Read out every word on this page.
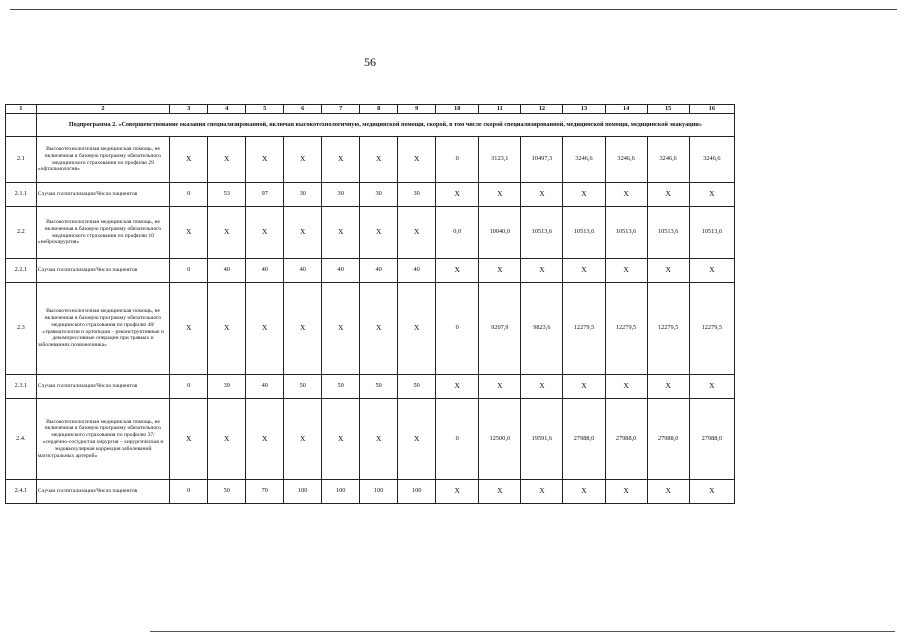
56
1	2	3	4	5	6	7	8	9	10	11	12	13	14	15	16
	Подпрограмма 2. «Совершенствование оказания специализированной, включая высокотехнологичную, медицинской помощи, скорой, в том числе скорой специализированной, медицинской помощи, медицинской эвакуации»														
2.1	Высокотехнологичная медицинская помощь, не включенная в базовую программу обязательного медицинского страхования по профилю 29 «офтальмология»	X	X	X	X	X	X	X	0	3123,1	10497,3	3246,6	3246,6	3246,6	3246,6
2.1.1	Случаи госпитализации/Число пациентов	0	53	97	30	30	30	30	X	X	X	X	X	X	X
2.2	Высокотехнологичная медицинская помощь, не включенная в базовую программу обязательного медицинского страхования по профилю 10 «нейрохирургия»	X	X	X	X	X	X	X	0,0	10040,0	10513,6	10513,6	10513,6	10513,6	10513,6
2.2.1	Случаи госпитализации/Число пациентов	0	40	40	40	40	40	40	X	X	X	X	X	X	X
2.3	Высокотехнологичная медицинская помощь, не включенная в базовую программу обязательного медицинского страхования по профилю 48/ «травматология и ортопедия – реконструктивные и декомпрессивные операции при травмах и заболеваниях позвоночника»	X	X	X	X	X	X	X	0	9207,9	9823,6	12279,5	12279,5	12279,5	12279,5
2.3.1	Случаи госпитализации/Число пациентов	0	39	40	50	50	50	50	X	X	X	X	X	X	X
2.4.	Высокотехнологичная медицинская помощь, не включенная в базовую программу обязательного медицинского страхования по профилю 37/ «сердечно-сосудистая хирургия – хирургическая и эндоваскулярная коррекция заболеваний магистральных артерий»	X	X	X	X	X	X	X	0	12500,0	19591,6	27988,0	27988,0	27988,0	27988,0
2.4.1	Случаи госпитализации/Число пациентов	0	50	70	100	100	100	100	X	X	X	X	X	X	X
